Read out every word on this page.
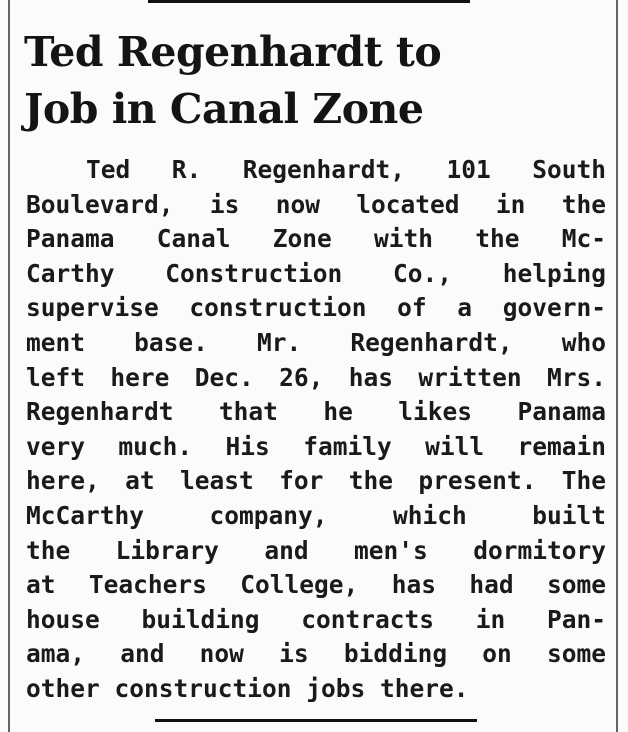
Ted Regenhardt to
Job in Canal Zone
Ted R. Regenhardt, 101 South
Boulevard, is now located in the
Panama Canal Zone with the Mc-
Carthy Construction Co., helping
supervise construction of a govern-
ment base. Mr. Regenhardt, who
left here Dec. 26, has written Mrs.
Regenhardt that he likes Panama
very much. His family will remain
here, at least for the present. The
McCarthy company, which built
the Library and men's dormitory
at Teachers College, has had some
house building contracts in Pan-
ama, and now is bidding on some
other construction jobs there.
